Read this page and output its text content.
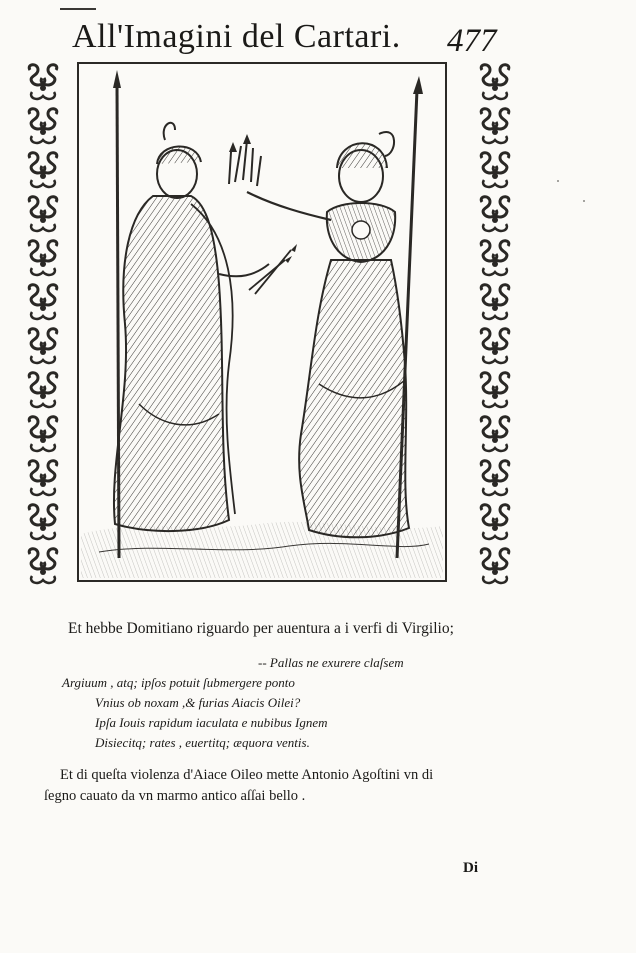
All'Imagini del Cartari. 477
Et hebbe Domitiano riguardo per auentura a i verfi di Virgilio;
-- Pallas ne exurere claſsem
Argiuum , atq; ipſos potuit ſubmergere ponto
Vnius ob noxam ,& furias Aiacis Oilei?
Ipſa Iouis rapidum iaculata e nubibus Ignem
Disiecitq; rates , euertitq; æquora ventis.
Et di queſta violenza d'Aiace Oileo mette Antonio Agoſtini vn di
ſegno cauato da vn marmo antico aſſai bello .
Di
